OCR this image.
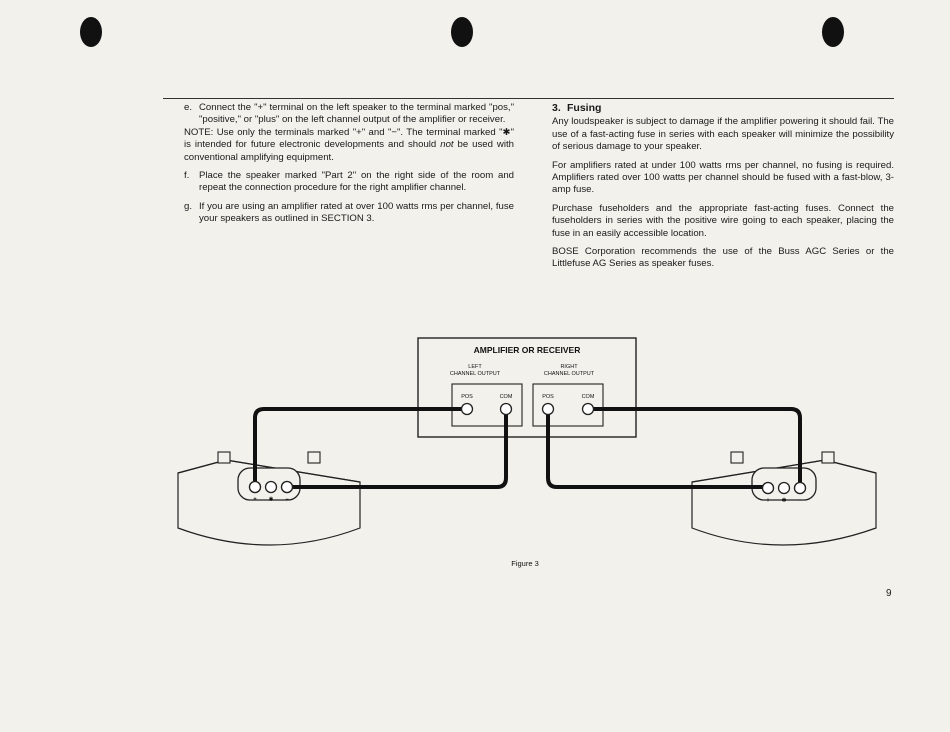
e. Connect the "+" terminal on the left speaker to the terminal marked "pos," "positive," or "plus" on the left channel output of the amplifier or receiver.

NOTE: Use only the terminals marked "+" and "−". The terminal marked "✱" is intended for future electronic developments and should not be used with conventional amplifying equipment.

f.	Place the speaker marked "Part 2" on the right side of the room and repeat the connection procedure for the right amplifier channel.
g. If you are using an amplifier rated at over 100 watts rms per channel, fuse your speakers as outlined in SECTION 3.
3. Fusing

Any loudspeaker is subject to damage if the amplifier powering it should fail. The use of a fast-acting fuse in series with each speaker will minimize the possibility of serious damage to your speaker.

For amplifiers rated at under 100 watts rms per channel, no fusing is required. Amplifiers rated over 100 watts per channel should be fused with a fast-blow, 3-amp fuse.

Purchase fuseholders and the appropriate fast-acting fuses. Connect the fuseholders in series with the positive wire going to each speaker, placing the fuse in an easily accessible location.

BOSE Corporation recommends the use of the Buss AGC Series or the Littlefuse AG Series as speaker fuses.

AMPLIFIER OR RECEIVER
LEFT
CHANNEL OUTPUT
RIGHT
CHANNEL OUTPUT
POS	COM	POS	COM
+ ✱ −	+ ✱ −
Figure 3
9
